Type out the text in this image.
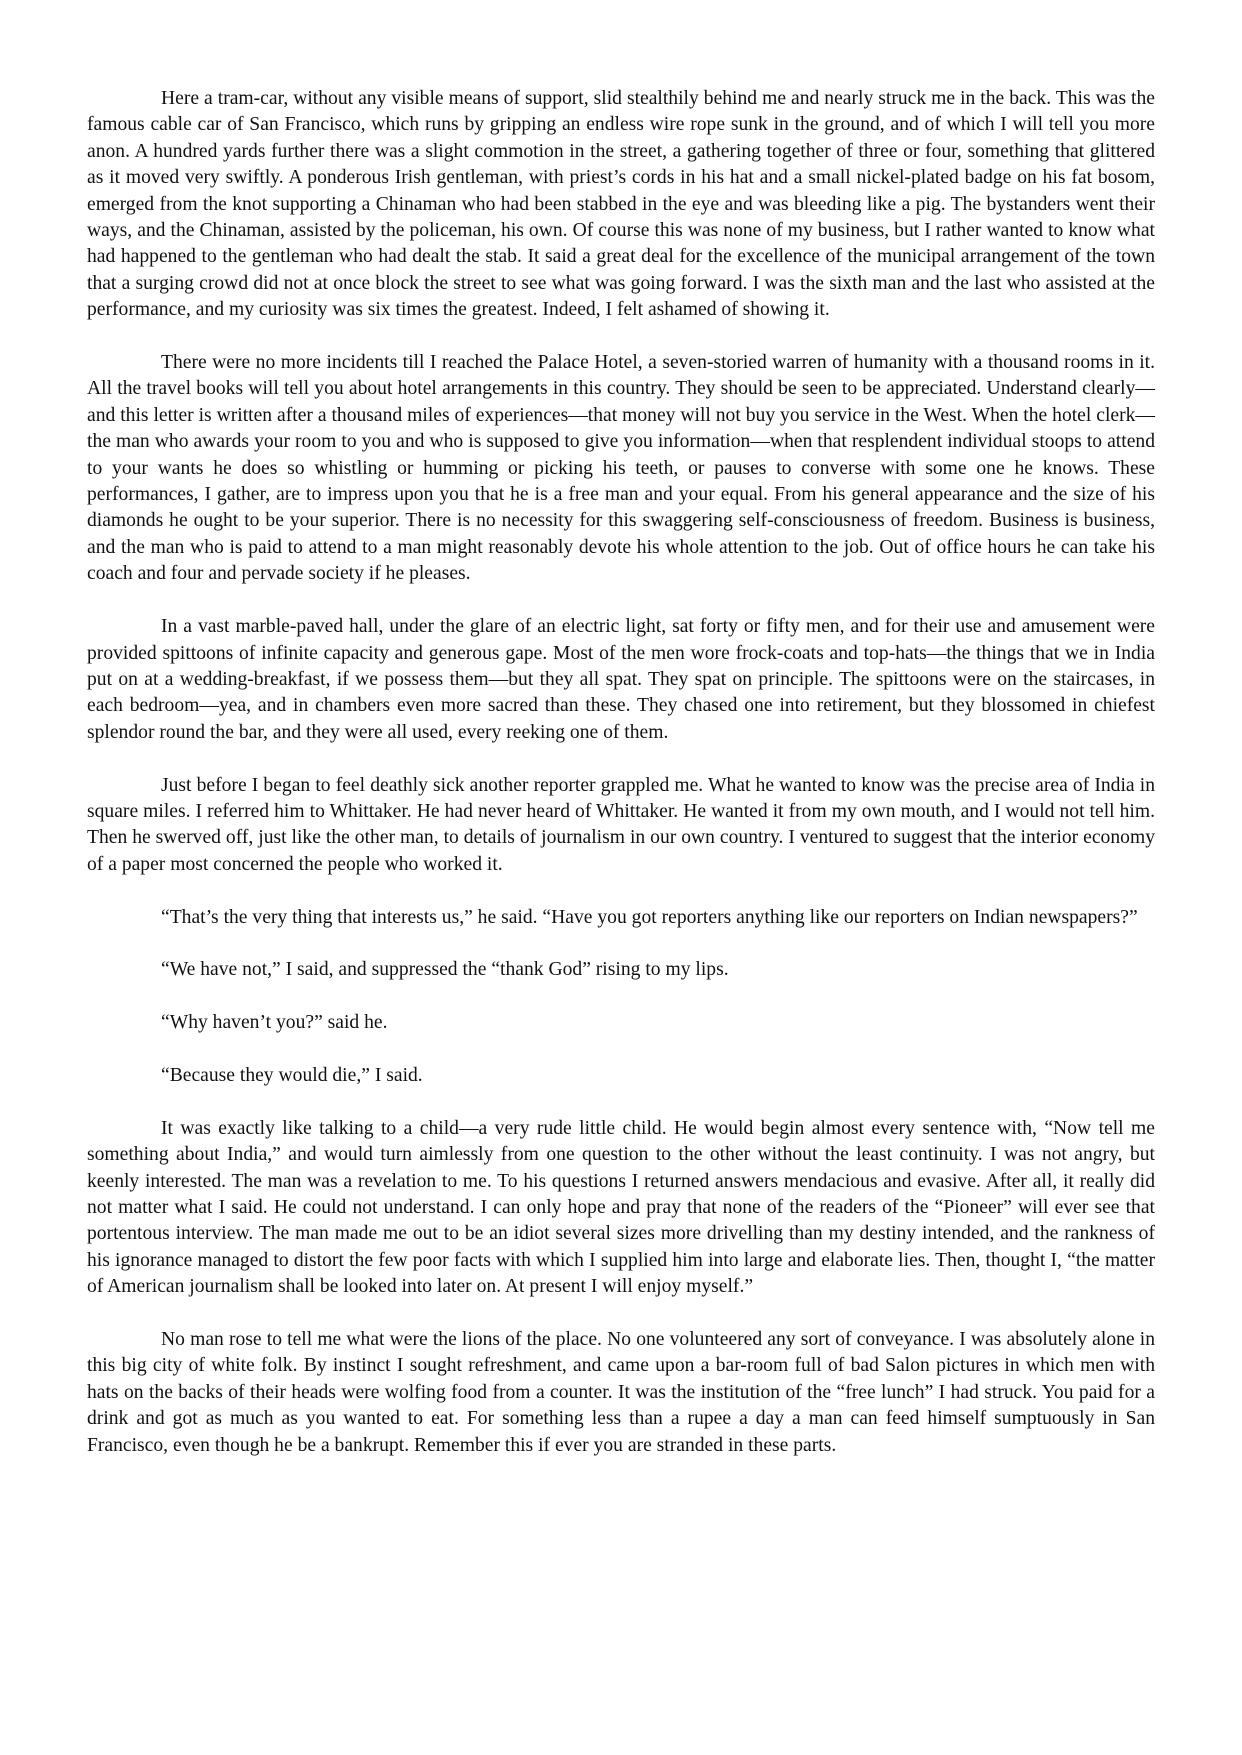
Here a tram-car, without any visible means of support, slid stealthily behind me and nearly struck me in the back. This was the famous cable car of San Francisco, which runs by gripping an endless wire rope sunk in the ground, and of which I will tell you more anon. A hundred yards further there was a slight commotion in the street, a gathering together of three or four, something that glittered as it moved very swiftly. A ponderous Irish gentleman, with priest’s cords in his hat and a small nickel-plated badge on his fat bosom, emerged from the knot supporting a Chinaman who had been stabbed in the eye and was bleeding like a pig. The bystanders went their ways, and the Chinaman, assisted by the policeman, his own. Of course this was none of my business, but I rather wanted to know what had happened to the gentleman who had dealt the stab. It said a great deal for the excellence of the municipal arrangement of the town that a surging crowd did not at once block the street to see what was going forward. I was the sixth man and the last who assisted at the performance, and my curiosity was six times the greatest. Indeed, I felt ashamed of showing it.

There were no more incidents till I reached the Palace Hotel, a seven-storied warren of humanity with a thousand rooms in it. All the travel books will tell you about hotel arrangements in this country. They should be seen to be appreciated. Understand clearly—and this letter is written after a thousand miles of experiences—that money will not buy you service in the West. When the hotel clerk—the man who awards your room to you and who is supposed to give you information—when that resplendent individual stoops to attend to your wants he does so whistling or humming or picking his teeth, or pauses to converse with some one he knows. These performances, I gather, are to impress upon you that he is a free man and your equal. From his general appearance and the size of his diamonds he ought to be your superior. There is no necessity for this swaggering self-consciousness of freedom. Business is business, and the man who is paid to attend to a man might reasonably devote his whole attention to the job. Out of office hours he can take his coach and four and pervade society if he pleases.

In a vast marble-paved hall, under the glare of an electric light, sat forty or fifty men, and for their use and amusement were provided spittoons of infinite capacity and generous gape. Most of the men wore frock-coats and top-hats—the things that we in India put on at a wedding-breakfast, if we possess them—but they all spat. They spat on principle. The spittoons were on the staircases, in each bedroom—yea, and in chambers even more sacred than these. They chased one into retirement, but they blossomed in chiefest splendor round the bar, and they were all used, every reeking one of them.

Just before I began to feel deathly sick another reporter grappled me. What he wanted to know was the precise area of India in square miles. I referred him to Whittaker. He had never heard of Whittaker. He wanted it from my own mouth, and I would not tell him. Then he swerved off, just like the other man, to details of journalism in our own country. I ventured to suggest that the interior economy of a paper most concerned the people who worked it.

“That’s the very thing that interests us,” he said. “Have you got reporters anything like our reporters on Indian newspapers?”

“We have not,” I said, and suppressed the “thank God” rising to my lips.

“Why haven’t you?” said he.

“Because they would die,” I said.

It was exactly like talking to a child—a very rude little child. He would begin almost every sentence with, “Now tell me something about India,” and would turn aimlessly from one question to the other without the least continuity. I was not angry, but keenly interested. The man was a revelation to me. To his questions I returned answers mendacious and evasive. After all, it really did not matter what I said. He could not understand. I can only hope and pray that none of the readers of the “Pioneer” will ever see that portentous interview. The man made me out to be an idiot several sizes more drivelling than my destiny intended, and the rankness of his ignorance managed to distort the few poor facts with which I supplied him into large and elaborate lies. Then, thought I, “the matter of American journalism shall be looked into later on. At present I will enjoy myself.”

No man rose to tell me what were the lions of the place. No one volunteered any sort of conveyance. I was absolutely alone in this big city of white folk. By instinct I sought refreshment, and came upon a bar-room full of bad Salon pictures in which men with hats on the backs of their heads were wolfing food from a counter. It was the institution of the “free lunch” I had struck. You paid for a drink and got as much as you wanted to eat. For something less than a rupee a day a man can feed himself sumptuously in San Francisco, even though he be a bankrupt. Remember this if ever you are stranded in these parts.
